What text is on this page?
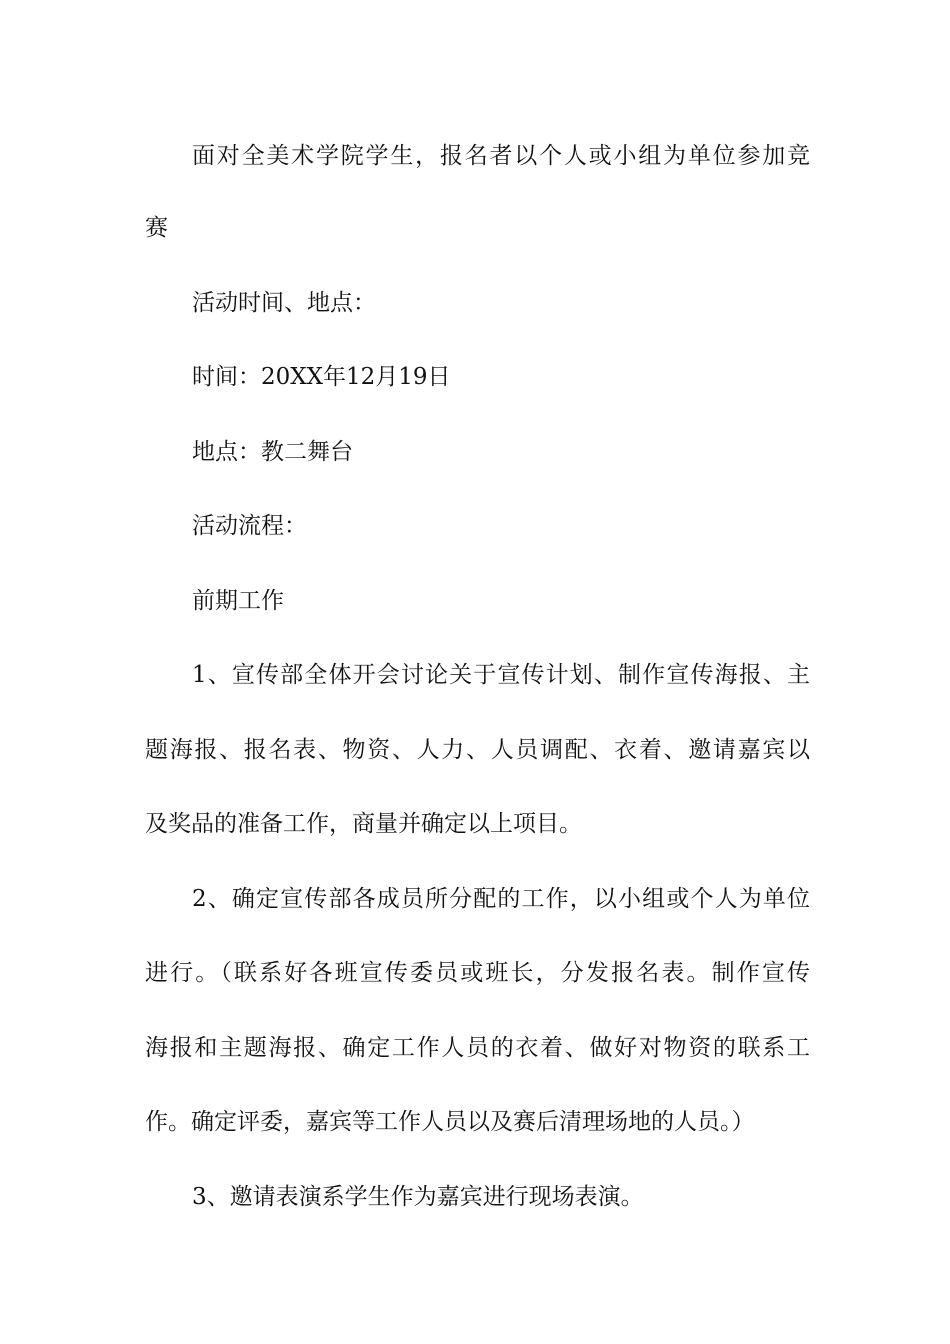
面对全美术学院学生，报名者以个人或小组为单位参加竞
赛
活动时间、地点：
时间：20XX年12月19日
地点：教二舞台
活动流程：
前期工作
1、宣传部全体开会讨论关于宣传计划、制作宣传海报、主
题海报、报名表、物资、人力、人员调配、衣着、邀请嘉宾以
及奖品的准备工作，商量并确定以上项目。
2、确定宣传部各成员所分配的工作，以小组或个人为单位
进行。（联系好各班宣传委员或班长，分发报名表。制作宣传
海报和主题海报、确定工作人员的衣着、做好对物资的联系工
作。确定评委，嘉宾等工作人员以及赛后清理场地的人员。）
3、邀请表演系学生作为嘉宾进行现场表演。
